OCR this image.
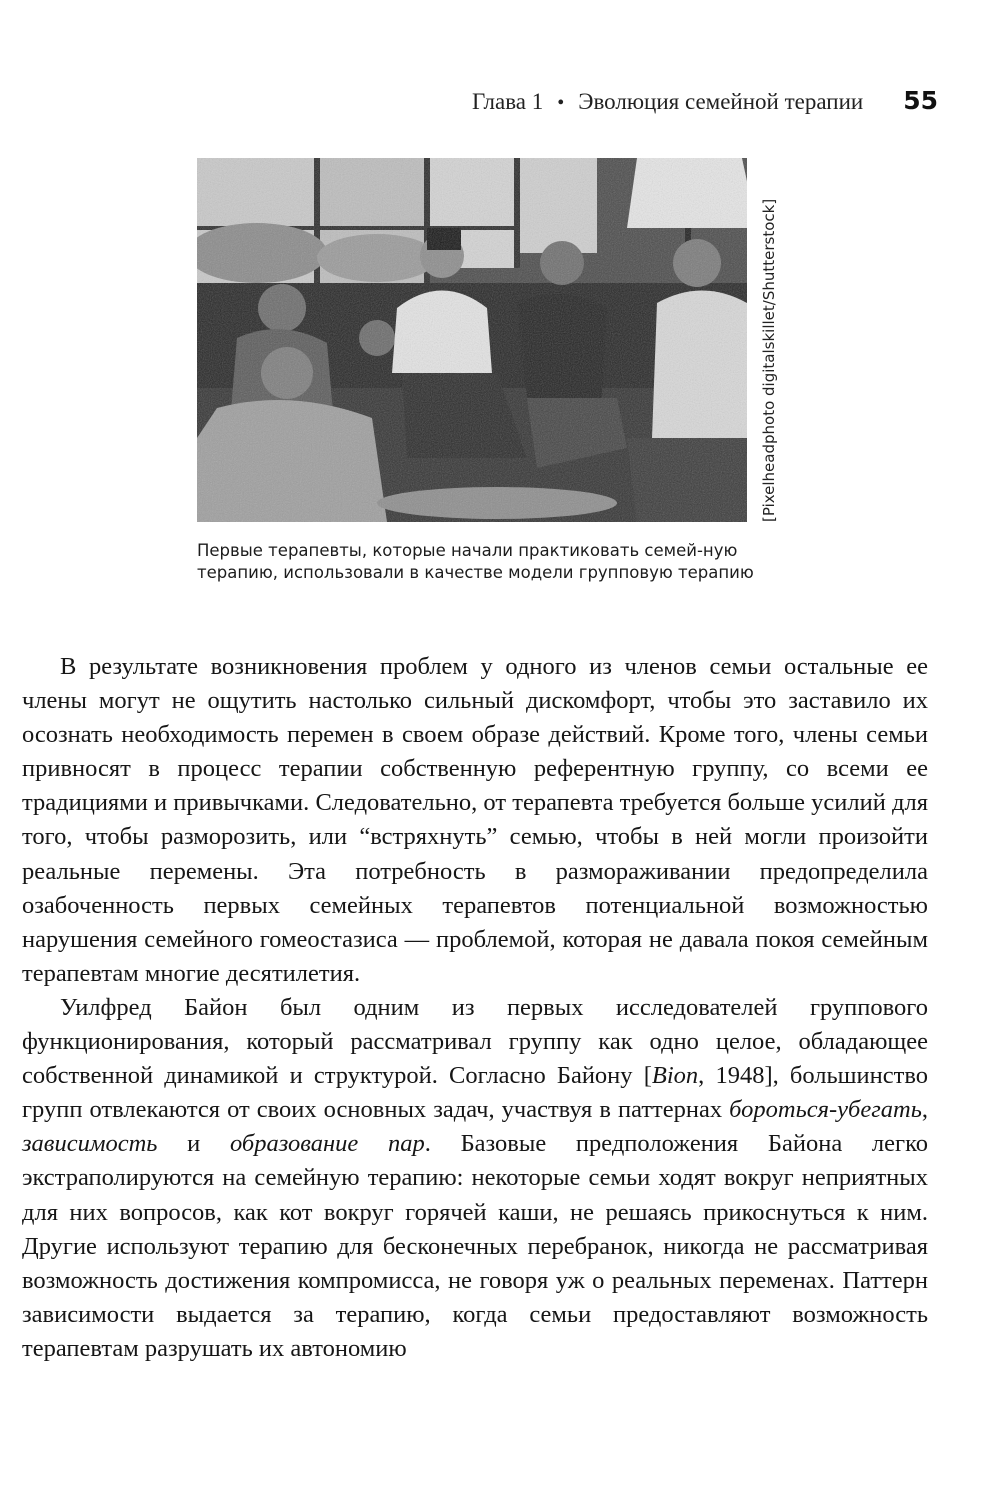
Глава 1 • Эволюция семейной терапии 55
[Pixelheadphoto digitalskillet/Shutterstock]
Первые терапевты, которые начали практиковать семей-ную терапию, использовали в качестве модели групповую терапию

В результате возникновения проблем у одного из членов семьи остальные ее члены могут не ощутить настолько сильный дискомфорт, чтобы это заставило их осознать необходимость перемен в своем образе действий. Кроме того, члены семьи привносят в процесс терапии собственную референтную группу, со всеми ее традициями и привычками. Следовательно, от терапевта требуется больше усилий для того, чтобы разморозить, или “встряхнуть” семью, чтобы в ней могли произойти реальные перемены. Эта потребность в размораживании предопределила озабоченность первых семейных терапевтов потенциальной возможностью нарушения семейного гомеостазиса — проблемой, которая не давала покоя семейным терапевтам многие десятилетия.

Уилфред Байон был одним из первых исследователей группового функционирования, который рассматривал группу как одно целое, обладающее собственной динамикой и структурой. Согласно Байону [Bion, 1948], большинство групп отвлекаются от своих основных задач, участвуя в паттернах бороться-убегать, зависимость и образование пар. Базовые предположения Байона легко экстраполируются на семейную терапию: некоторые семьи ходят вокруг неприятных для них вопросов, как кот вокруг горячей каши, не решаясь прикоснуться к ним. Другие используют терапию для бесконечных перебранок, никогда не рассматривая возможность достижения компромисса, не говоря уж о реальных переменах. Паттерн зависимости выдается за терапию, когда семьи предоставляют возможность терапевтам разрушать их автономию
